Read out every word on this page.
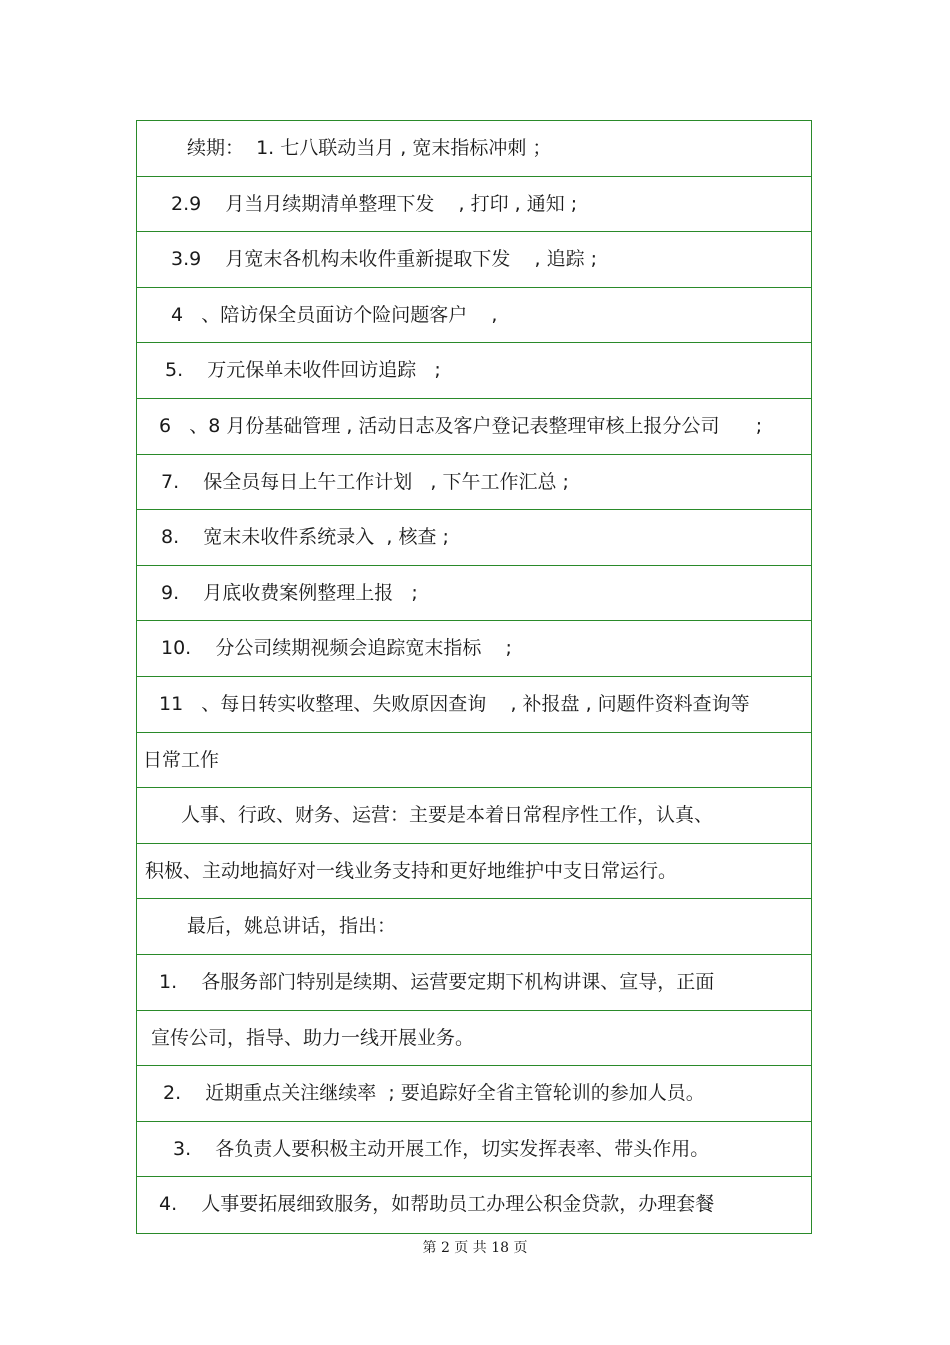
续期：  1. 七八联动当月 , 宽末指标冲刺 ；
2.9    月当月续期清单整理下发    , 打印 , 通知 ;
3.9    月宽末各机构未收件重新提取下发    , 追踪 ;
4   、陪访保全员面访个险问题客户    ,
5.    万元保单未收件回访追踪   ;
6   、8 月份基础管理 , 活动日志及客户登记表整理审核上报分公司      ;
7.    保全员每日上午工作计划   , 下午工作汇总 ;
8.    宽末未收件系统录入  , 核查 ;
9.    月底收费案例整理上报   ;
10.    分公司续期视频会追踪宽末指标    ;
11   、每日转实收整理、失败原因查询    , 补报盘 , 问题件资料查询等
日常工作
人事、行政、财务、运营：主要是本着日常程序性工作，认真、
积极、主动地搞好对一线业务支持和更好地维护中支日常运行。
最后，姚总讲话，指出：
1.    各服务部门特别是续期、运营要定期下机构讲课、宣导，正面
宣传公司，指导、助力一线开展业务。
2.    近期重点关注继续率  ; 要追踪好全省主管轮训的参加人员。
3.    各负责人要积极主动开展工作，切实发挥表率、带头作用。
4.    人事要拓展细致服务，如帮助员工办理公积金贷款，办理套餐
第 2 页 共 18 页
